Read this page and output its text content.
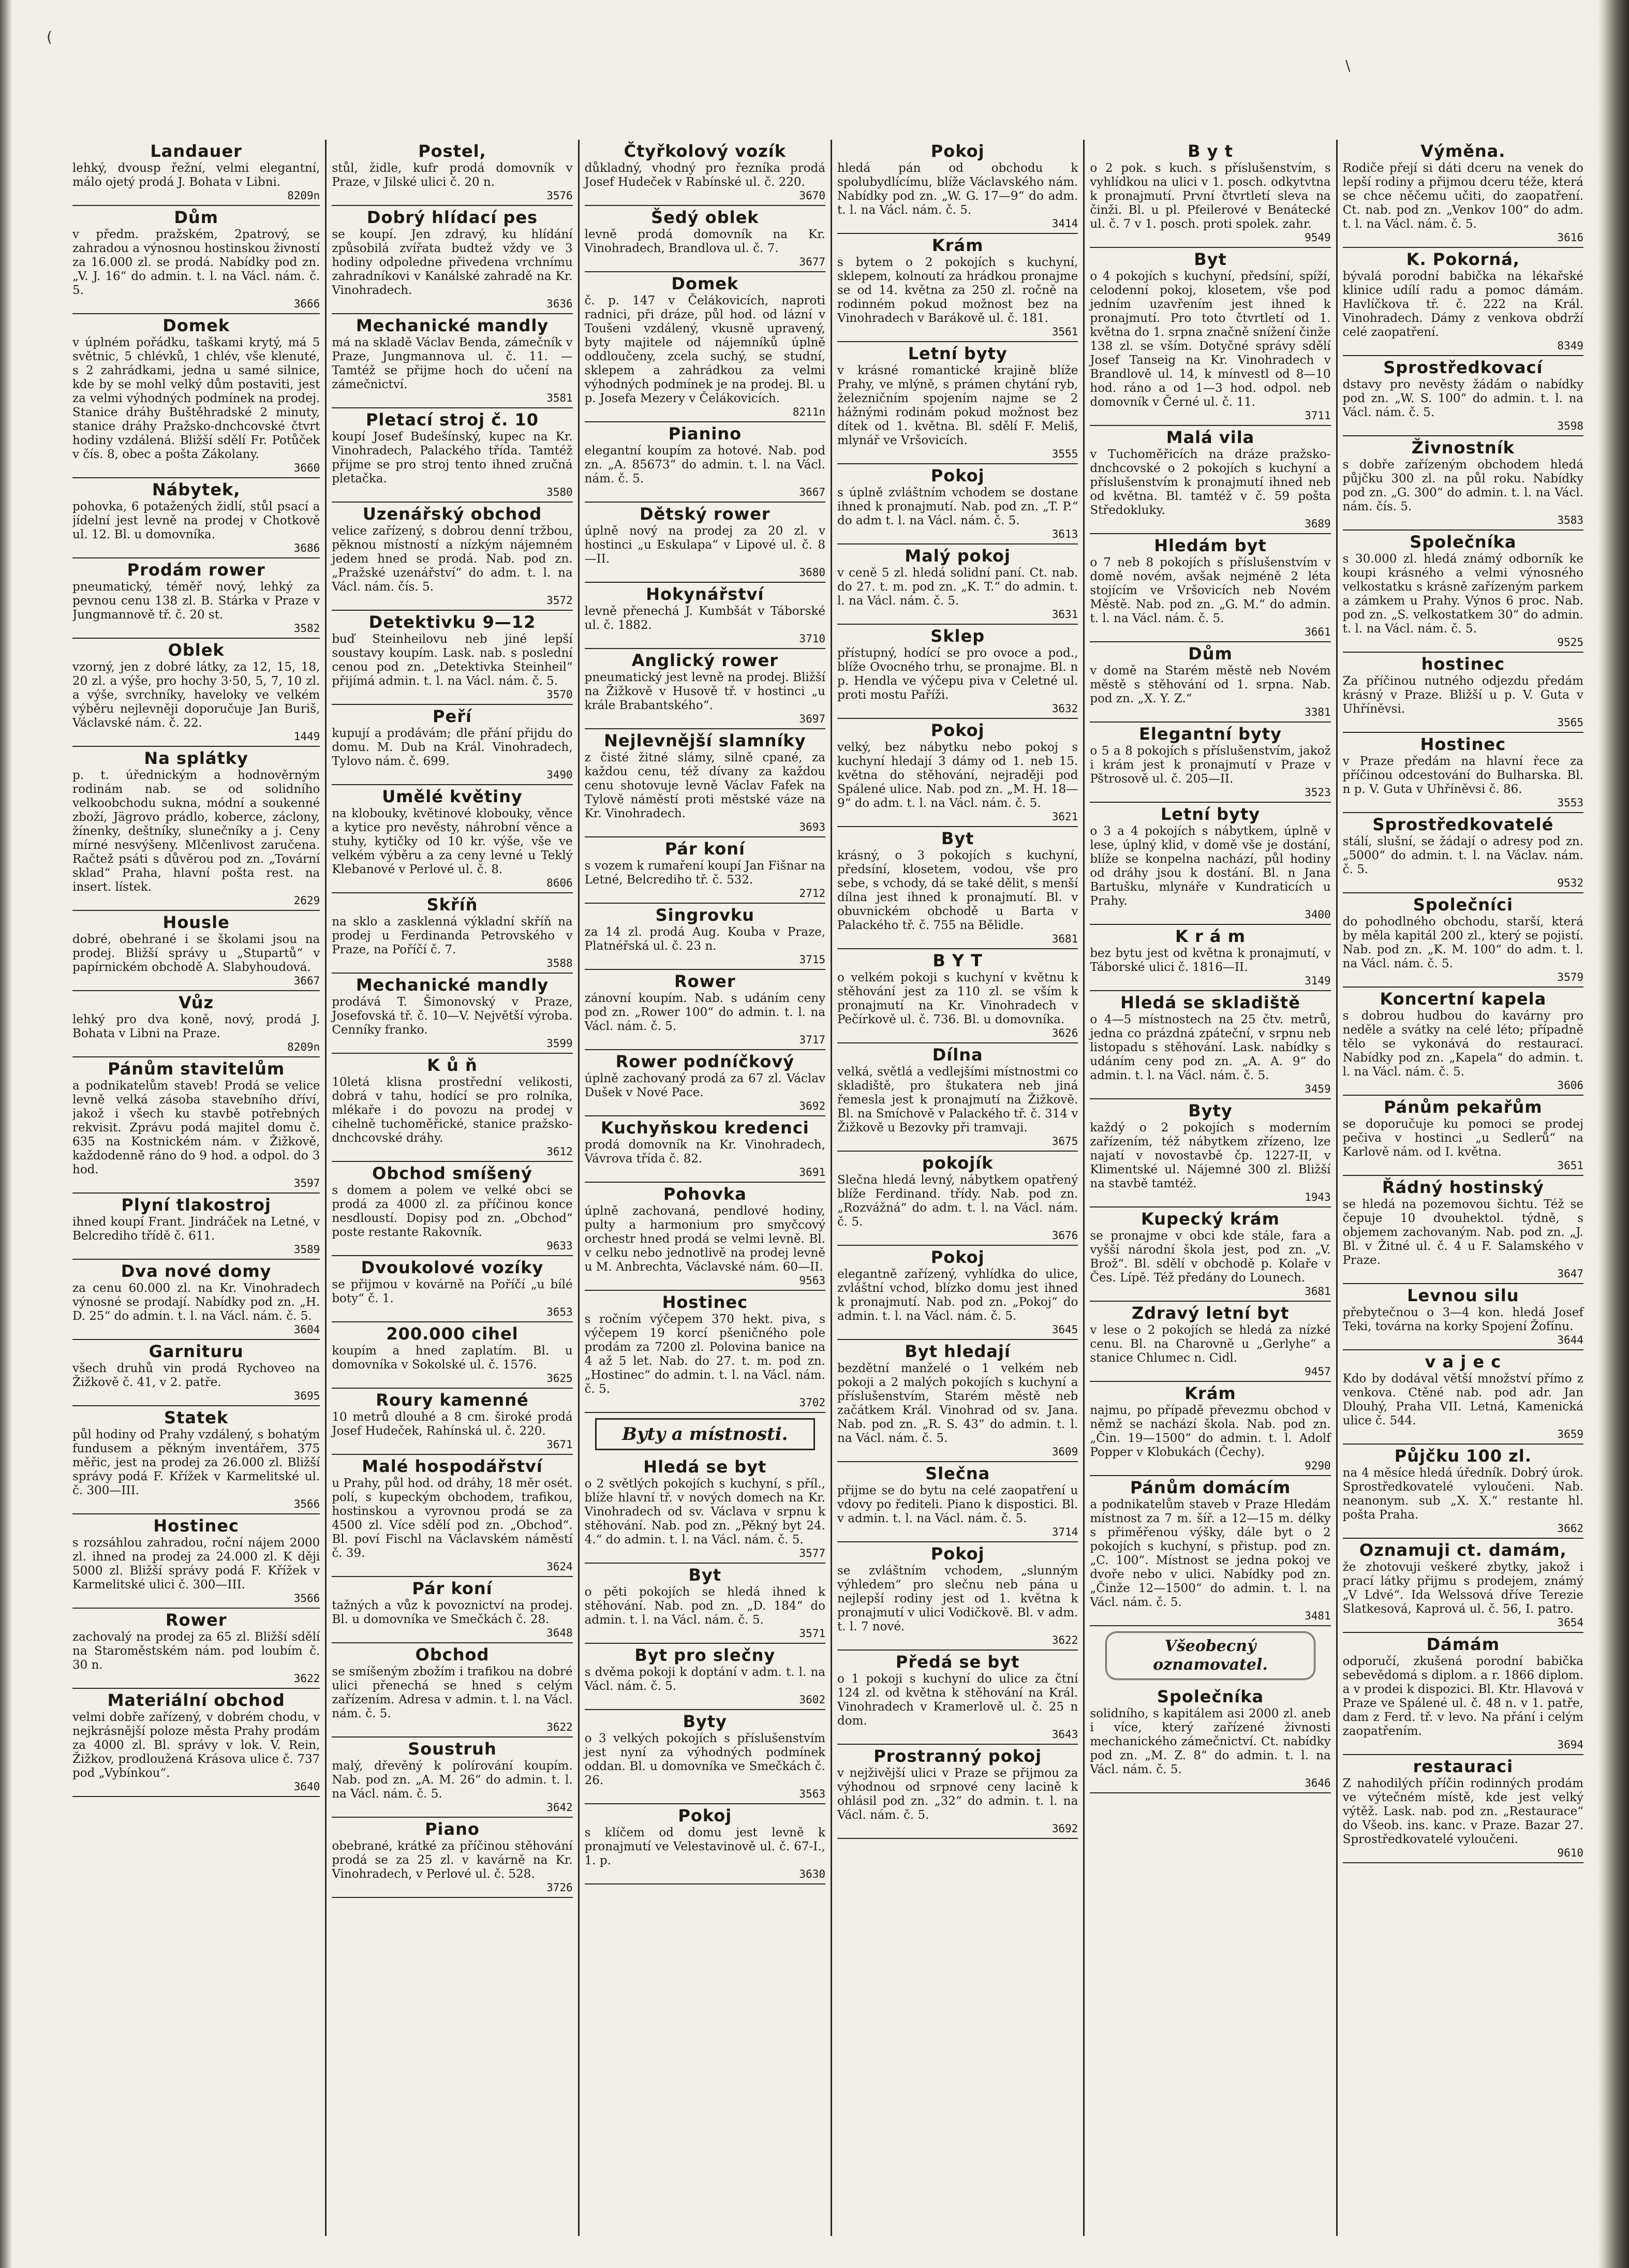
(
\
Landauer

lehký, dvousp řežní, velmi elegantní, málo ojetý prodá J. Bohata v Libni.

8209n
Dům

v předm. pražském, 2patrový, se zahradou a výnosnou hostinskou živností za 16.000 zl. se prodá. Nabídky pod zn. „V. J. 16“ do admin. t. l. na Václ. nám. č. 5.

3666
Domek

v úplném pořádku, taškami krytý, má 5 světnic, 5 chlévků, 1 chlév, vše klenuté, s 2 zahrádkami, jedna u samé silnice, kde by se mohl velký dům postaviti, jest za velmi výhodných podmínek na prodej. Stanice dráhy Buštěhradské 2 minuty, stanice dráhy Pražsko-dnchcovské čtvrt hodiny vzdálená. Bližší sdělí Fr. Potůček v čís. 8, obec a pošta Zákolany.

3660
Nábytek,

pohovka, 6 potažených židlí, stůl psací a jídelní jest levně na prodej v Chotkově ul. 12. Bl. u domovníka.

3686
Prodám rower

pneumatický, téměř nový, lehký za pevnou cenu 138 zl. B. Stárka v Praze v Jungmannově tř. č. 20 st.

3582
Oblek

vzorný, jen z dobré látky, za 12, 15, 18, 20 zl. a výše, pro hochy 3·50, 5, 7, 10 zl. a výše, svrchníky, haveloky ve velkém výběru nejlevněji doporučuje Jan Buriš, Václavské nám. č. 22.

1449
Na splátky

p. t. úřednickým a hodnověrným rodinám nab. se od solidního velkoobchodu sukna, módní a soukenné zboží, Jägrovo prádlo, koberce, záclony, žínenky, deštníky, slunečníky a j. Ceny mírné nesvýšeny. Mlčenlivost zaručena. Račtež psáti s důvěrou pod zn. „Tovární sklad“ Praha, hlavní pošta rest. na insert. lístek.

2629
Housle

dobré, obehrané i se školami jsou na prodej. Bližší správy u „Stupartů“ v papírnickém obchodě A. Slabyhoudová.

3667
Vůz

lehký pro dva koně, nový, prodá J. Bohata v Libni na Praze.

8209n
Pánům stavitelům

a podnikatelům staveb! Prodá se velice levně velká zásoba stavebního dříví, jakož i všech ku stavbě potřebných rekvisit. Zprávu podá majitel domu č. 635 na Kostnickém nám. v Žižkově, každodenně ráno do 9 hod. a odpol. do 3 hod.

3597
Plyní tlakostroj

ihned koupí Frant. Jindráček na Letné, v Belcrediho třídě č. 611.

3589
Dva nové domy

za cenu 60.000 zl. na Kr. Vinohradech výnosné se prodají. Nabídky pod zn. „H. D. 25“ do admin. t. l. na Václ. nám. č. 5.

3604
Garnituru

všech druhů vin prodá Rychoveo na Žižkově č. 41, v 2. patře.

3695
Statek

půl hodiny od Prahy vzdálený, s bohatým fundusem a pěkným inventářem, 375 měřic, jest na prodej za 26.000 zl. Bližší správy podá F. Křížek v Karmelitské ul. č. 300—III.

3566
Hostinec

s rozsáhlou zahradou, roční nájem 2000 zl. ihned na prodej za 24.000 zl. K ději 5000 zl. Bližší správy podá F. Křížek v Karmelitské ulici č. 300—III.

3566
Rower

zachovalý na prodej za 65 zl. Bližší sdělí na Staroměstském nám. pod loubím č. 30 n.

3622
Materiální obchod

velmi dobře zařízený, v dobrém chodu, v nejkrásnější poloze města Prahy prodám za 4000 zl. Bl. správy v lok. V. Rein, Žižkov, prodloužená Krásova ulice č. 737 pod „Vybínkou“.

3640
Postel,

stůl, židle, kufr prodá domovník v Praze, v Jilské ulici č. 20 n.

3576
Dobrý hlídací pes

se koupí. Jen zdravý, ku hlídání způsobilá zvířata budtež vždy ve 3 hodiny odpoledne přivedena vrchnímu zahradníkovi v Kanálské zahradě na Kr. Vinohradech.

3636
Mechanické mandly

má na skladě Václav Benda, zámečník v Praze, Jungmannova ul. č. 11. — Tamtéž se přijme hoch do učení na zámečnictví.

3581
Pletací stroj č. 10

koupí Josef Budešínský, kupec na Kr. Vinohradech, Palackého třída. Tamtéž přijme se pro stroj tento ihned zručná pletačka.

3580
Uzenářský obchod

velice zařízený, s dobrou denní tržbou, pěknou místností a nízkým nájemném jedem hned se prodá. Nab. pod zn. „Pražské uzenářství“ do adm. t. l. na Václ. nám. čís. 5.

3572
Detektivku 9—12

buď Steinheilovu neb jiné lepší soustavy koupím. Lask. nab. s poslední cenou pod zn. „Detektivka Steinheil“ přijímá admin. t. l. na Václ. nám. č. 5.

3570
Peří

kupují a prodávám; dle přání přijdu do domu. M. Dub na Král. Vinohradech, Tylovo nám. č. 699.

3490
Umělé květiny

na klobouky, květinové klobouky, věnce a kytice pro nevěsty, náhrobní věnce a stuhy, kytičky od 10 kr. výše, vše ve velkém výběru a za ceny levné u Teklý Klebanové v Perlové ul. č. 8.

8606
Skříň

na sklo a zasklenná výkladní skříň na prodej u Ferdinanda Petrovského v Praze, na Poříčí č. 7.

3588
Mechanické mandly

prodává T. Šimonovský v Praze, Josefovská tř. č. 10—V. Největší výroba. Cenníky franko.

3599
K ů ň

10letá klisna prostřední velikosti, dobrá v tahu, hodící se pro rolníka, mlékaře i do povozu na prodej v cihelně tuchoměřické, stanice pražsko-dnchcovské dráhy.

3612
Obchod smíšený

s domem a polem ve velké obci se prodá za 4000 zl. za příčinou konce nesdloustí. Dopisy pod zn. „Obchod“ poste restante Rakovník.

9633
Dvoukolové vozíky

se přijmou v kovárně na Poříčí „u bílé boty“ č. 1.

3653
200.000 cihel

koupím a hned zaplatím. Bl. u domovníka v Sokolské ul. č. 1576.

3625
Roury kamenné

10 metrů dlouhé a 8 cm. široké prodá Josef Hudeček, Rahínská ul. č. 220.

3671
Malé hospodářství

u Prahy, půl hod. od dráhy, 18 měr osét. polí, s kupeckým obchodem, trafikou, hostinskou a vyrovnou prodá se za 4500 zl. Více sdělí pod zn. „Obchod“. Bl. poví Fischl na Václavském náměstí č. 39.

3624
Pár koní

tažných a vůz k povoznictví na prodej. Bl. u domovníka ve Smečkách č. 28.

3648
Obchod

se smíšeným zbožím i trafikou na dobré ulici přenechá se hned s celým zařízením. Adresa v admin. t. l. na Václ. nám. č. 5.

3622
Soustruh

malý, dřevěný k polírování koupím. Nab. pod zn. „A. M. 26“ do admin. t. l. na Václ. nám. č. 5.

3642
Piano

obebrané, krátké za příčinou stěhování prodá se za 25 zl. v kavárně na Kr. Vinohradech, v Perlové ul. č. 528.

3726
Čtyřkolový vozík

důkladný, vhodný pro řezníka prodá Josef Hudeček v Rabínské ul. č. 220.

3670
Šedý oblek

levně prodá domovník na Kr. Vinohradech, Brandlova ul. č. 7.

3677
Domek

č. p. 147 v Čelákovicích, naproti radnici, při dráze, půl hod. od lázní v Toušeni vzdálený, vkusně upravený, byty majitele od nájemníků úplně oddloučeny, zcela suchý, se studní, sklepem a zahrádkou za velmi výhodných podmínek je na prodej. Bl. u p. Josefa Mezery v Čelákovicích.

8211n
Pianino

elegantní koupím za hotové. Nab. pod zn. „A. 85673“ do admin. t. l. na Václ. nám. č. 5.

3667
Dětský rower

úplně nový na prodej za 20 zl. v hostinci „u Eskulapa“ v Lipové ul. č. 8—II.

3680
Hokynářství

levně přenechá J. Kumbšát v Táborské ul. č. 1882.

3710
Anglický rower

pneumatický jest levně na prodej. Bližší na Žižkově v Husově tř. v hostinci „u krále Brabantského“.

3697
Nejlevnější slamníky

z čisté žitné slámy, silně cpané, za každou cenu, též dívany za každou cenu shotovuje levně Václav Fafek na Tylově náměstí proti městské váze na Kr. Vinohradech.

3693
Pár koní

s vozem k rumaření koupí Jan Fišnar na Letné, Belcrediho tř. č. 532.

2712
Singrovku

za 14 zl. prodá Aug. Kouba v Praze, Platnéřská ul. č. 23 n.

3715
Rower

zánovní koupím. Nab. s udáním ceny pod zn. „Rower 100“ do admin. t. l. na Václ. nám. č. 5.

3717
Rower podníčkový

úplně zachovaný prodá za 67 zl. Václav Dušek v Nové Pace.

3692
Kuchyňskou kredenci

prodá domovník na Kr. Vinohradech, Vávrova třída č. 82.

3691
Pohovka

úplně zachovaná, pendlové hodiny, pulty a harmonium pro smyčcový orchestr hned prodá se velmi levně. Bl. v celku nebo jednotlivě na prodej levně u M. Anbrechta, Václavské nám. 60—II.

9563
Hostinec

s ročním výčepem 370 hekt. piva, s výčepem 19 korcí pšeničného pole prodám za 7200 zl. Polovina banice na 4 až 5 let. Nab. do 27. t. m. pod zn. „Hostinec“ do admin. t. l. na Václ. nám. č. 5.

3702
Byty a místnosti.
Hledá se byt

o 2 světlých pokojích s kuchyní, s příl., blíže hlavní tř. v nových domech na Kr. Vinohradech od sv. Václava v srpnu k stěhování. Nab. pod zn. „Pěkný byt 24. 4.“ do admin. t. l. na Václ. nám. č. 5.

3577
Byt

o pěti pokojích se hledá ihned k stěhování. Nab. pod zn. „D. 184“ do admin. t. l. na Václ. nám. č. 5.

3571
Byt pro slečny

s dvěma pokoji k doptání v adm. t. l. na Václ. nám. č. 5.

3602
Byty

o 3 velkých pokojích s příslušenstvím jest nyní za výhodných podmínek oddan. Bl. u domovníka ve Smečkách č. 26.

3563
Pokoj

s klíčem od domu jest levně k pronajmutí ve Velestavinově ul. č. 67-I., 1. p.

3630
Pokoj

hledá pán od obchodu k spolubydlícímu, blíže Václavského nám. Nabídky pod zn. „W. G. 17—9“ do adm. t. l. na Václ. nám. č. 5.

3414
Krám

s bytem o 2 pokojích s kuchyní, sklepem, kolnoutí za hrádkou pronajme se od 14. května za 250 zl. ročně na rodinném pokud možnost bez na Vinohradech v Barákově ul. č. 181.

3561
Letní byty

v krásné romantické krajině blíže Prahy, ve mlýně, s prámen chytání ryb, železničním spojením najme se 2 hážnými rodinám pokud možnost bez dítek od 1. května. Bl. sdělí F. Meliš, mlynář ve Vršovicích.

3555
Pokoj

s úplně zvláštním vchodem se dostane ihned k pronajmutí. Nab. pod zn. „T. P.“ do adm t. l. na Václ. nám. č. 5.

3613
Malý pokoj

v ceně 5 zl. hledá solidní paní. Ct. nab. do 27. t. m. pod zn. „K. T.“ do admin. t. l. na Václ. nám. č. 5.

3631
Sklep

přístupný, hodící se pro ovoce a pod., blíže Ovocného trhu, se pronajme. Bl. n p. Hendla ve výčepu piva v Celetné ul. proti mostu Paříži.

3632
Pokoj

velký, bez nábytku nebo pokoj s kuchyní hledají 3 dámy od 1. neb 15. května do stěhování, nejraději pod Spálené ulice. Nab. pod zn. „M. H. 18—9“ do adm. t. l. na Václ. nám. č. 5.

3621
Byt

krásný, o 3 pokojích s kuchyní, předsíní, klosetem, vodou, vše pro sebe, s vchody, dá se také dělit, s menší dílna jest ihned k pronajmutí. Bl. v obuvnickém obchodě u Barta v Palackého tř. č. 755 na Bělidle.

3681
B Y T

o velkém pokoji s kuchyní v květnu k stěhování jest za 110 zl. se vším k pronajmutí na Kr. Vinohradech v Pečírkově ul. č. 736. Bl. u domovníka.

3626
Dílna

velká, světlá a vedlejšími místnostmi co skladiště, pro štukatera neb jiná řemesla jest k pronajmutí na Žižkově. Bl. na Smíchově v Palackého tř. č. 314 v Žižkově u Bezovky při tramvaji.

3675
pokojík

Slečna hledá levný, nábytkem opatřený blíže Ferdinand. třídy. Nab. pod zn. „Rozvážná“ do adm. t. l. na Václ. nám. č. 5.

3676
Pokoj

elegantně zařízený, vyhlídka do ulice, zvláštní vchod, blízko domu jest ihned k pronajmutí. Nab. pod zn. „Pokoj“ do admin. t. l. na Václ. nám. č. 5.

3645
Byt hledají

bezdětní manželé o 1 velkém neb pokoji a 2 malých pokojích s kuchyní a příslušenstvím, Starém městě neb začátkem Král. Vinohrad od sv. Jana. Nab. pod zn. „R. S. 43“ do admin. t. l. na Václ. nám. č. 5.

3609
Slečna

přijme se do bytu na celé zaopatření u vdovy po řediteli. Piano k dispostici. Bl. v admin. t. l. na Václ. nám. č. 5.

3714
Pokoj

se zvláštním vchodem, „slunným výhledem“ pro slečnu neb pána u nejlepší rodiny jest od 1. května k pronajmutí v ulici Vodičkově. Bl. v adm. t. l. 7 nové.

3622
Předá se byt

o 1 pokoji s kuchyní do ulice za čtní 124 zl. od května k stěhování na Král. Vinohradech v Kramerlově ul. č. 25 n dom.

3643
Prostranný pokoj

v nejživější ulici v Praze se přijmou za výhodnou od srpnové ceny lacině k ohlásil pod zn. „32“ do admin. t. l. na Václ. nám. č. 5.

3692
B y t

o 2 pok. s kuch. s příslušenstvím, s vyhlídkou na ulici v 1. posch. odkytvtna k pronajmutí. První čtvrtletí sleva na činži. Bl. u pl. Pfeilerové v Benátecké ul. č. 7 v 1. posch. proti spolek. zahr.

9549
Byt

o 4 pokojích s kuchyní, předsíní, spíží, celodenní pokoj, klosetem, vše pod jedním uzavřením jest ihned k pronajmutí. Pro toto čtvrtletí od 1. května do 1. srpna značně snížení činže 138 zl. se vším. Dotyčné správy sdělí Josef Tanseig na Kr. Vinohradech v Brandlově ul. 14, k mínvestl od 8—10 hod. ráno a od 1—3 hod. odpol. neb domovník v Černé ul. č. 11.

3711
Malá vila

v Tuchoměřicích na dráze pražsko-dnchcovské o 2 pokojích s kuchyní a příslušenstvím k pronajmutí ihned neb od května. Bl. tamtéž v č. 59 pošta Středokluky.

3689
Hledám byt

o 7 neb 8 pokojích s příslušenstvím v domě novém, avšak nejméně 2 léta stojícím ve Vršovicích neb Novém Městě. Nab. pod zn. „G. M.“ do admin. t. l. na Václ. nám. č. 5.

3661
Dům

v domě na Starém městě neb Novém městě s stěhování od 1. srpna. Nab. pod zn. „X. Y. Z.“

3381
Elegantní byty

o 5 a 8 pokojích s příslušenstvím, jakož i krám jest k pronajmutí v Praze v Pštrosově ul. č. 205—II.

3523
Letní byty

o 3 a 4 pokojích s nábytkem, úplně v lese, úplný klid, v domě vše je dostání, blíže se konpelna nachází, půl hodiny od dráhy jsou k dostání. Bl. n Jana Bartušku, mlynáře v Kundraticích u Prahy.

3400
K r á m

bez bytu jest od května k pronajmutí, v Táborské ulici č. 1816—II.

3149
Hledá se skladiště

o 4—5 místnostech na 25 čtv. metrů, jedna co prázdná zpáteční, v srpnu neb listopadu s stěhování. Lask. nabídky s udáním ceny pod zn. „A. A. 9“ do admin. t. l. na Václ. nám. č. 5.

3459
Byty

každý o 2 pokojích s moderním zařízením, též nábytkem zřízeno, lze najatí v novostavbě čp. 1227-II, v Klimentské ul. Nájemné 300 zl. Bližší na stavbě tamtéž.

1943
Kupecký krám

se pronajme v obci kde stále, fara a vyšší národní škola jest, pod zn. „V. Brož“. Bl. sdělí v obchodě p. Kolaře v Čes. Lípě. Též předány do Lounech.

3681
Zdravý letní byt

v lese o 2 pokojích se hledá za nízké cenu. Bl. na Charovně u „Gerlyhe“ a stanice Chlumec n. Cidl.

9457
Krám

najmu, po případě převezmu obchod v němž se nachází škola. Nab. pod zn. „Čin. 19—1500“ do admin. t. l. Adolf Popper v Klobukách (Čechy).

9290
Pánům domácím

a podnikatelům staveb v Praze Hledám místnost za 7 m. šíř. a 12—15 m. délky s přiměřenou výšky, dále byt o 2 pokojích s kuchyní, s přistup. pod zn. „C. 100“. Místnost se jedna pokoj ve dvoře nebo v ulici. Nabídky pod zn. „Činže 12—1500“ do admin. t. l. na Václ. nám. č. 5.

3481
Všeobecný oznamovatel.
Společníka

solidního, s kapitálem asi 2000 zl. aneb i více, který zařízené živnosti mechanického zámečnictví. Ct. nabídky pod zn. „M. Z. 8“ do admin. t. l. na Václ. nám. č. 5.

3646
Výměna.

Rodiče přejí si dáti dceru na venek do lepší rodiny a přijmou dceru téže, která se chce něčemu učiti, do zaopatření. Ct. nab. pod zn. „Venkov 100“ do adm. t. l. na Václ. nám. č. 5.

3616
K. Pokorná,

bývalá porodní babička na lékařské klinice udílí radu a pomoc dámám. Havlíčkova tř. č. 222 na Král. Vinohradech. Dámy z venkova obdrží celé zaopatření.

8349
Sprostředkovací

dstavy pro nevěsty žádám o nabídky pod zn. „W. S. 100“ do admin. t. l. na Václ. nám. č. 5.

3598
Živnostník

s dobře zařízeným obchodem hledá půjčku 300 zl. na půl roku. Nabídky pod zn. „G. 300“ do admin. t. l. na Václ. nám. čís. 5.

3583
Společníka

s 30.000 zl. hledá známý odborník ke koupi krásného a velmi výnosného velkostatku s krásně zařízeným parkem a zámkem u Prahy. Výnos 6 proc. Nab. pod zn. „S. velkostatkem 30“ do admin. t. l. na Václ. nám. č. 5.

9525
hostinec

Za příčinou nutného odjezdu předám krásný v Praze. Bližší u p. V. Guta v Uhříněvsi.

3565
Hostinec

v Praze předám na hlavní řece za příčinou odcestování do Bulharska. Bl. n p. V. Guta v Uhříněvsi č. 86.

3553
Sprostředkovatelé

stálí, slušní, se žádají o adresy pod zn. „5000“ do admin. t. l. na Václav. nám. č. 5.

9532
Společníci

do pohodlného obchodu, starší, která by měla kapitál 200 zl., který se pojistí. Nab. pod zn. „K. M. 100“ do adm. t. l. na Václ. nám. č. 5.

3579
Koncertní kapela

s dobrou hudbou do kavárny pro neděle a svátky na celé léto; případně tělo se vykonává do restaurací. Nabídky pod zn. „Kapela“ do admin. t. l. na Václ. nám. č. 5.

3606
Pánům pekařům

se doporučuje ku pomoci se prodej pečiva v hostinci „u Sedlerů“ na Karlově nám. od I. května.

3651
Řádný hostinský

se hledá na pozemovou šichtu. Též se čepuje 10 dvouhektol. týdně, s objemem zachovaným. Nab. pod zn. „J. Bl. v Žitné ul. č. 4 u F. Salamského v Praze.

3647
Levnou silu

přebytečnou o 3—4 kon. hledá Josef Teki, továrna na korky Spojení Žofínu.

3644
v a j e c

Kdo by dodával větší množství přímo z venkova. Ctěné nab. pod adr. Jan Dlouhý, Praha VII. Letná, Kamenická ulice č. 544.

3659
Půjčku 100 zl.

na 4 měsíce hledá úředník. Dobrý úrok. Sprostředkovatelé vyloučeni. Nab. neanonym. sub „X. X.“ restante hl. pošta Praha.

3662
Oznamuji ct. damám,

že zhotovuji veškeré zbytky, jakož i prací látky přijmu s prodejem, známý „V Ldvé“. Ida Welssová dříve Terezie Slatkesová, Kaprová ul. č. 56, I. patro.

3654
Dámám

odporučí, zkušená porodní babička sebevědomá s diplom. a r. 1866 diplom. a v prodei k dispozici. Bl. Ktr. Hlavová v Praze ve Spálené ul. č. 48 n. v 1. patře, dam z Ferd. tř. v levo. Na přání i celým zaopatřením.

3694
restauraci

Z nahodilých příčin rodinných prodám ve výtečném místě, kde jest velký výtěž. Lask. nab. pod zn. „Restaurace“ do Všeob. ins. kanc. v Praze. Bazar 27. Sprostředkovatelé vyloučeni.

9610
